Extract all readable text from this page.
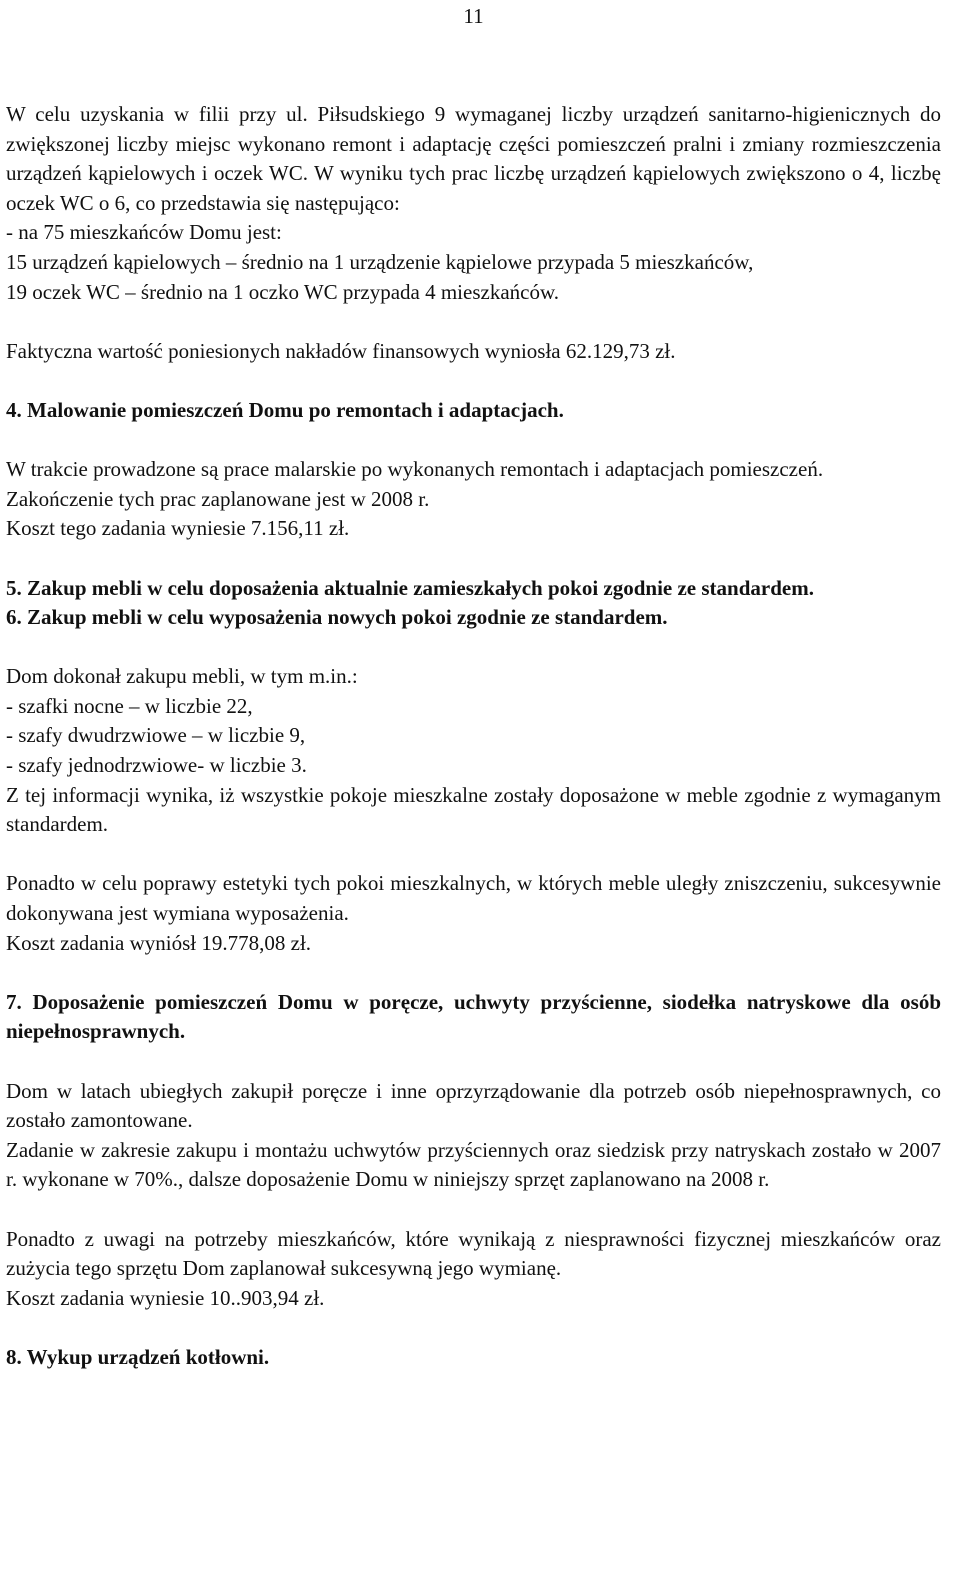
11

W celu uzyskania w filii przy ul. Piłsudskiego 9 wymaganej liczby urządzeń sanitarno-higienicznych do zwiększonej liczby miejsc wykonano remont i adaptację części pomieszczeń pralni i zmiany rozmieszczenia urządzeń kąpielowych i oczek WC. W wyniku tych prac liczbę urządzeń kąpielowych zwiększono o 4, liczbę oczek WC o 6, co przedstawia się następująco:

- na 75 mieszkańców Domu jest:

15 urządzeń kąpielowych – średnio na 1 urządzenie kąpielowe przypada 5 mieszkańców,

19 oczek WC – średnio na 1 oczko WC przypada 4 mieszkańców.

Faktyczna wartość poniesionych nakładów finansowych wyniosła 62.129,73 zł.

4. Malowanie pomieszczeń Domu po remontach i adaptacjach.

W trakcie prowadzone są prace malarskie po wykonanych remontach i adaptacjach pomieszczeń.

Zakończenie tych prac zaplanowane jest w 2008 r.

Koszt tego zadania wyniesie 7.156,11 zł.

5. Zakup mebli w celu doposażenia aktualnie zamieszkałych pokoi zgodnie ze standardem.

6. Zakup mebli w celu wyposażenia nowych pokoi zgodnie ze standardem.

Dom dokonał zakupu mebli, w tym m.in.:

- szafki nocne – w liczbie 22,

- szafy dwudrzwiowe – w liczbie 9,

- szafy jednodrzwiowe- w liczbie 3.

Z tej informacji wynika, iż wszystkie pokoje mieszkalne zostały doposażone w meble zgodnie z wymaganym standardem.

Ponadto w celu poprawy estetyki tych pokoi mieszkalnych, w których meble uległy zniszczeniu, sukcesywnie dokonywana jest wymiana wyposażenia.

Koszt zadania wyniósł 19.778,08 zł.

7. Doposażenie pomieszczeń Domu w poręcze, uchwyty przyścienne, siodełka natryskowe dla osób niepełnosprawnych.

Dom w latach ubiegłych zakupił poręcze i inne oprzyrządowanie dla potrzeb osób niepełnosprawnych, co zostało zamontowane.

Zadanie w zakresie zakupu i montażu uchwytów przyściennych oraz siedzisk przy natryskach zostało w 2007 r. wykonane w 70%., dalsze doposażenie Domu w niniejszy sprzęt zaplanowano na 2008 r.

Ponadto z uwagi na potrzeby mieszkańców, które wynikają z niesprawności fizycznej mieszkańców oraz zużycia tego sprzętu Dom zaplanował sukcesywną jego wymianę.

Koszt zadania wyniesie 10..903,94 zł.

8. Wykup urządzeń kotłowni.
